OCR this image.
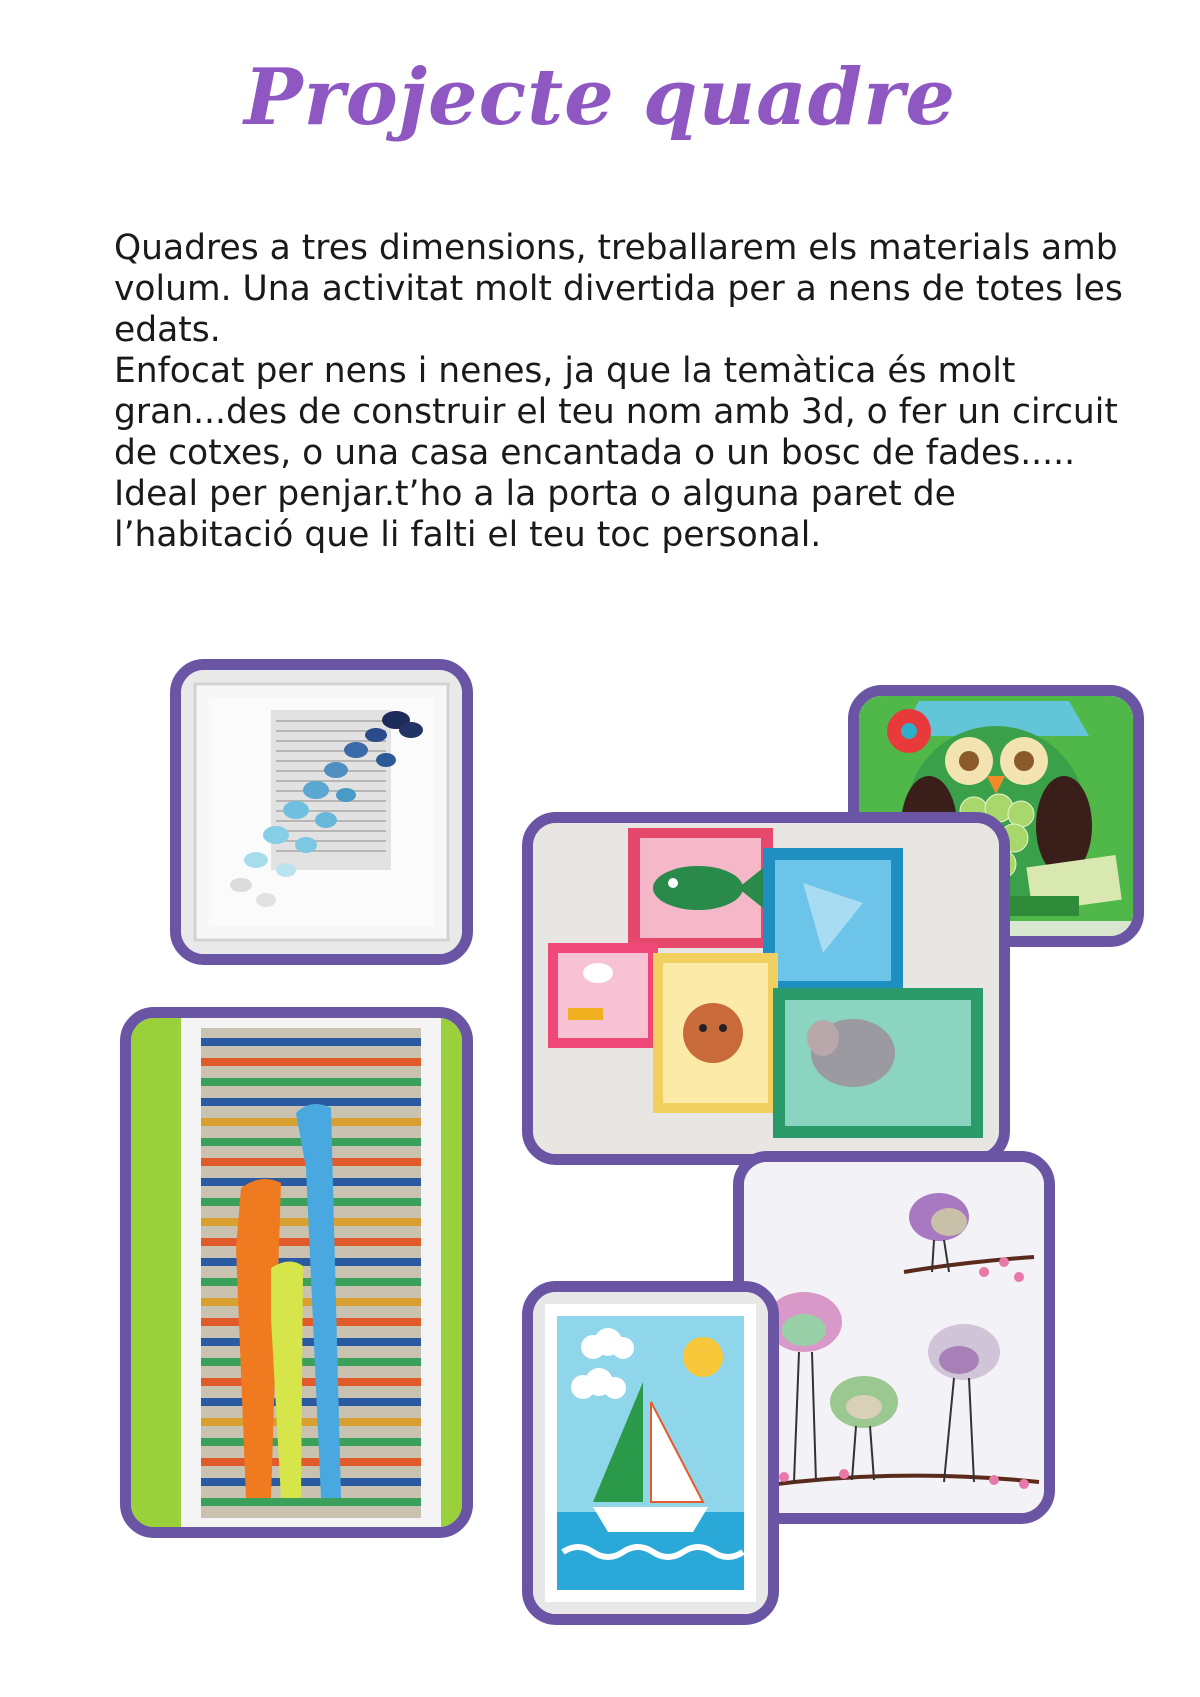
Projecte quadre

Quadres a tres dimensions, treballarem els materials amb volum. Una activitat molt divertida per a nens de totes les edats.

Enfocat per nens i nenes, ja que la temàtica és molt gran...des de construir el teu nom amb 3d, o fer un circuit de cotxes, o una casa encantada o un bosc de fades.....

Ideal per penjar.t’ho a la porta o alguna paret de l’habitació que li falti el teu toc personal.
